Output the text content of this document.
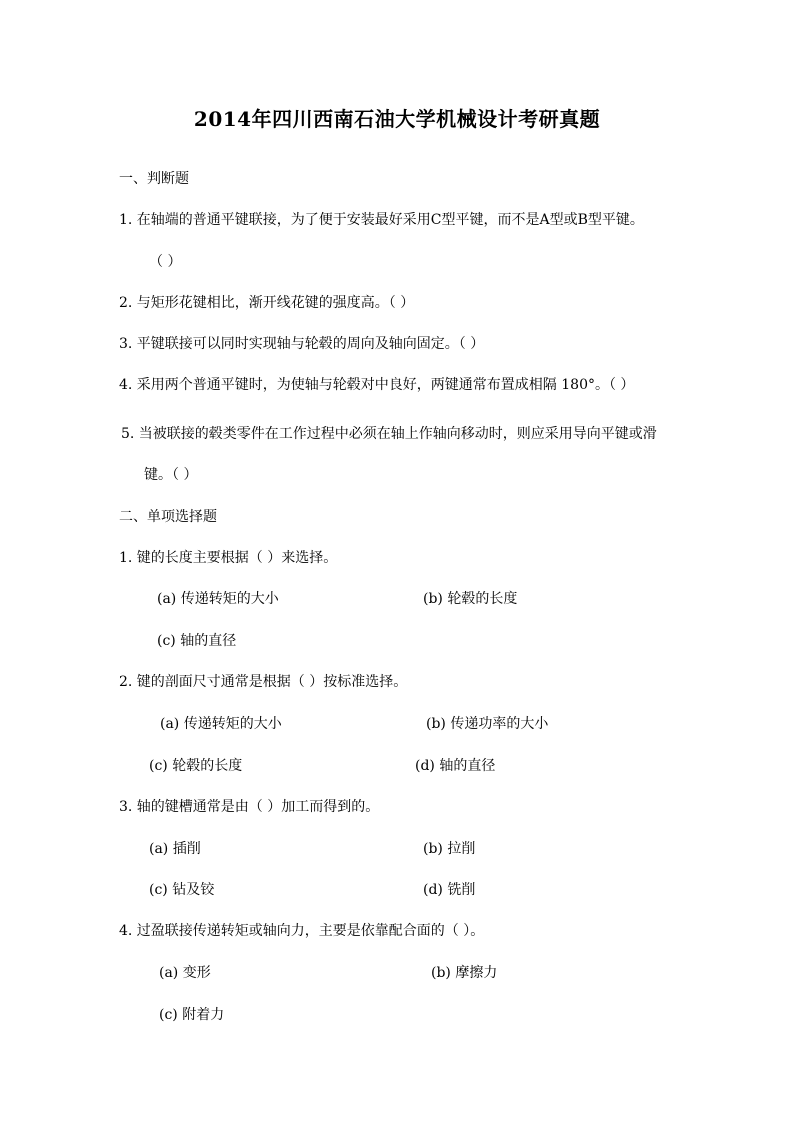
2014年四川西南石油大学机械设计考研真题
一、判断题
1. 在轴端的普通平键联接，为了便于安装最好采用C型平键，而不是A型或B型平键。
（ ）
2. 与矩形花键相比，渐开线花键的强度高。（ ）
3. 平键联接可以同时实现轴与轮毂的周向及轴向固定。（ ）
4. 采用两个普通平键时，为使轴与轮毂对中良好，两键通常布置成相隔 180°。（ ）
5. 当被联接的毂类零件在工作过程中必须在轴上作轴向移动时，则应采用导向平键或滑
键。（ ）
二、单项选择题
1. 键的长度主要根据（ ）来选择。
(a) 传递转矩的大小	(b) 轮毂的长度
(c) 轴的直径
2. 键的剖面尺寸通常是根据（ ）按标准选择。
(a) 传递转矩的大小	(b) 传递功率的大小
(c) 轮毂的长度	(d) 轴的直径
3. 轴的键槽通常是由（ ）加工而得到的。
(a) 插削	(b) 拉削
(c) 钻及铰	(d) 铣削
4. 过盈联接传递转矩或轴向力，主要是依靠配合面的（ ）。
(a) 变形	(b) 摩擦力
(c) 附着力
